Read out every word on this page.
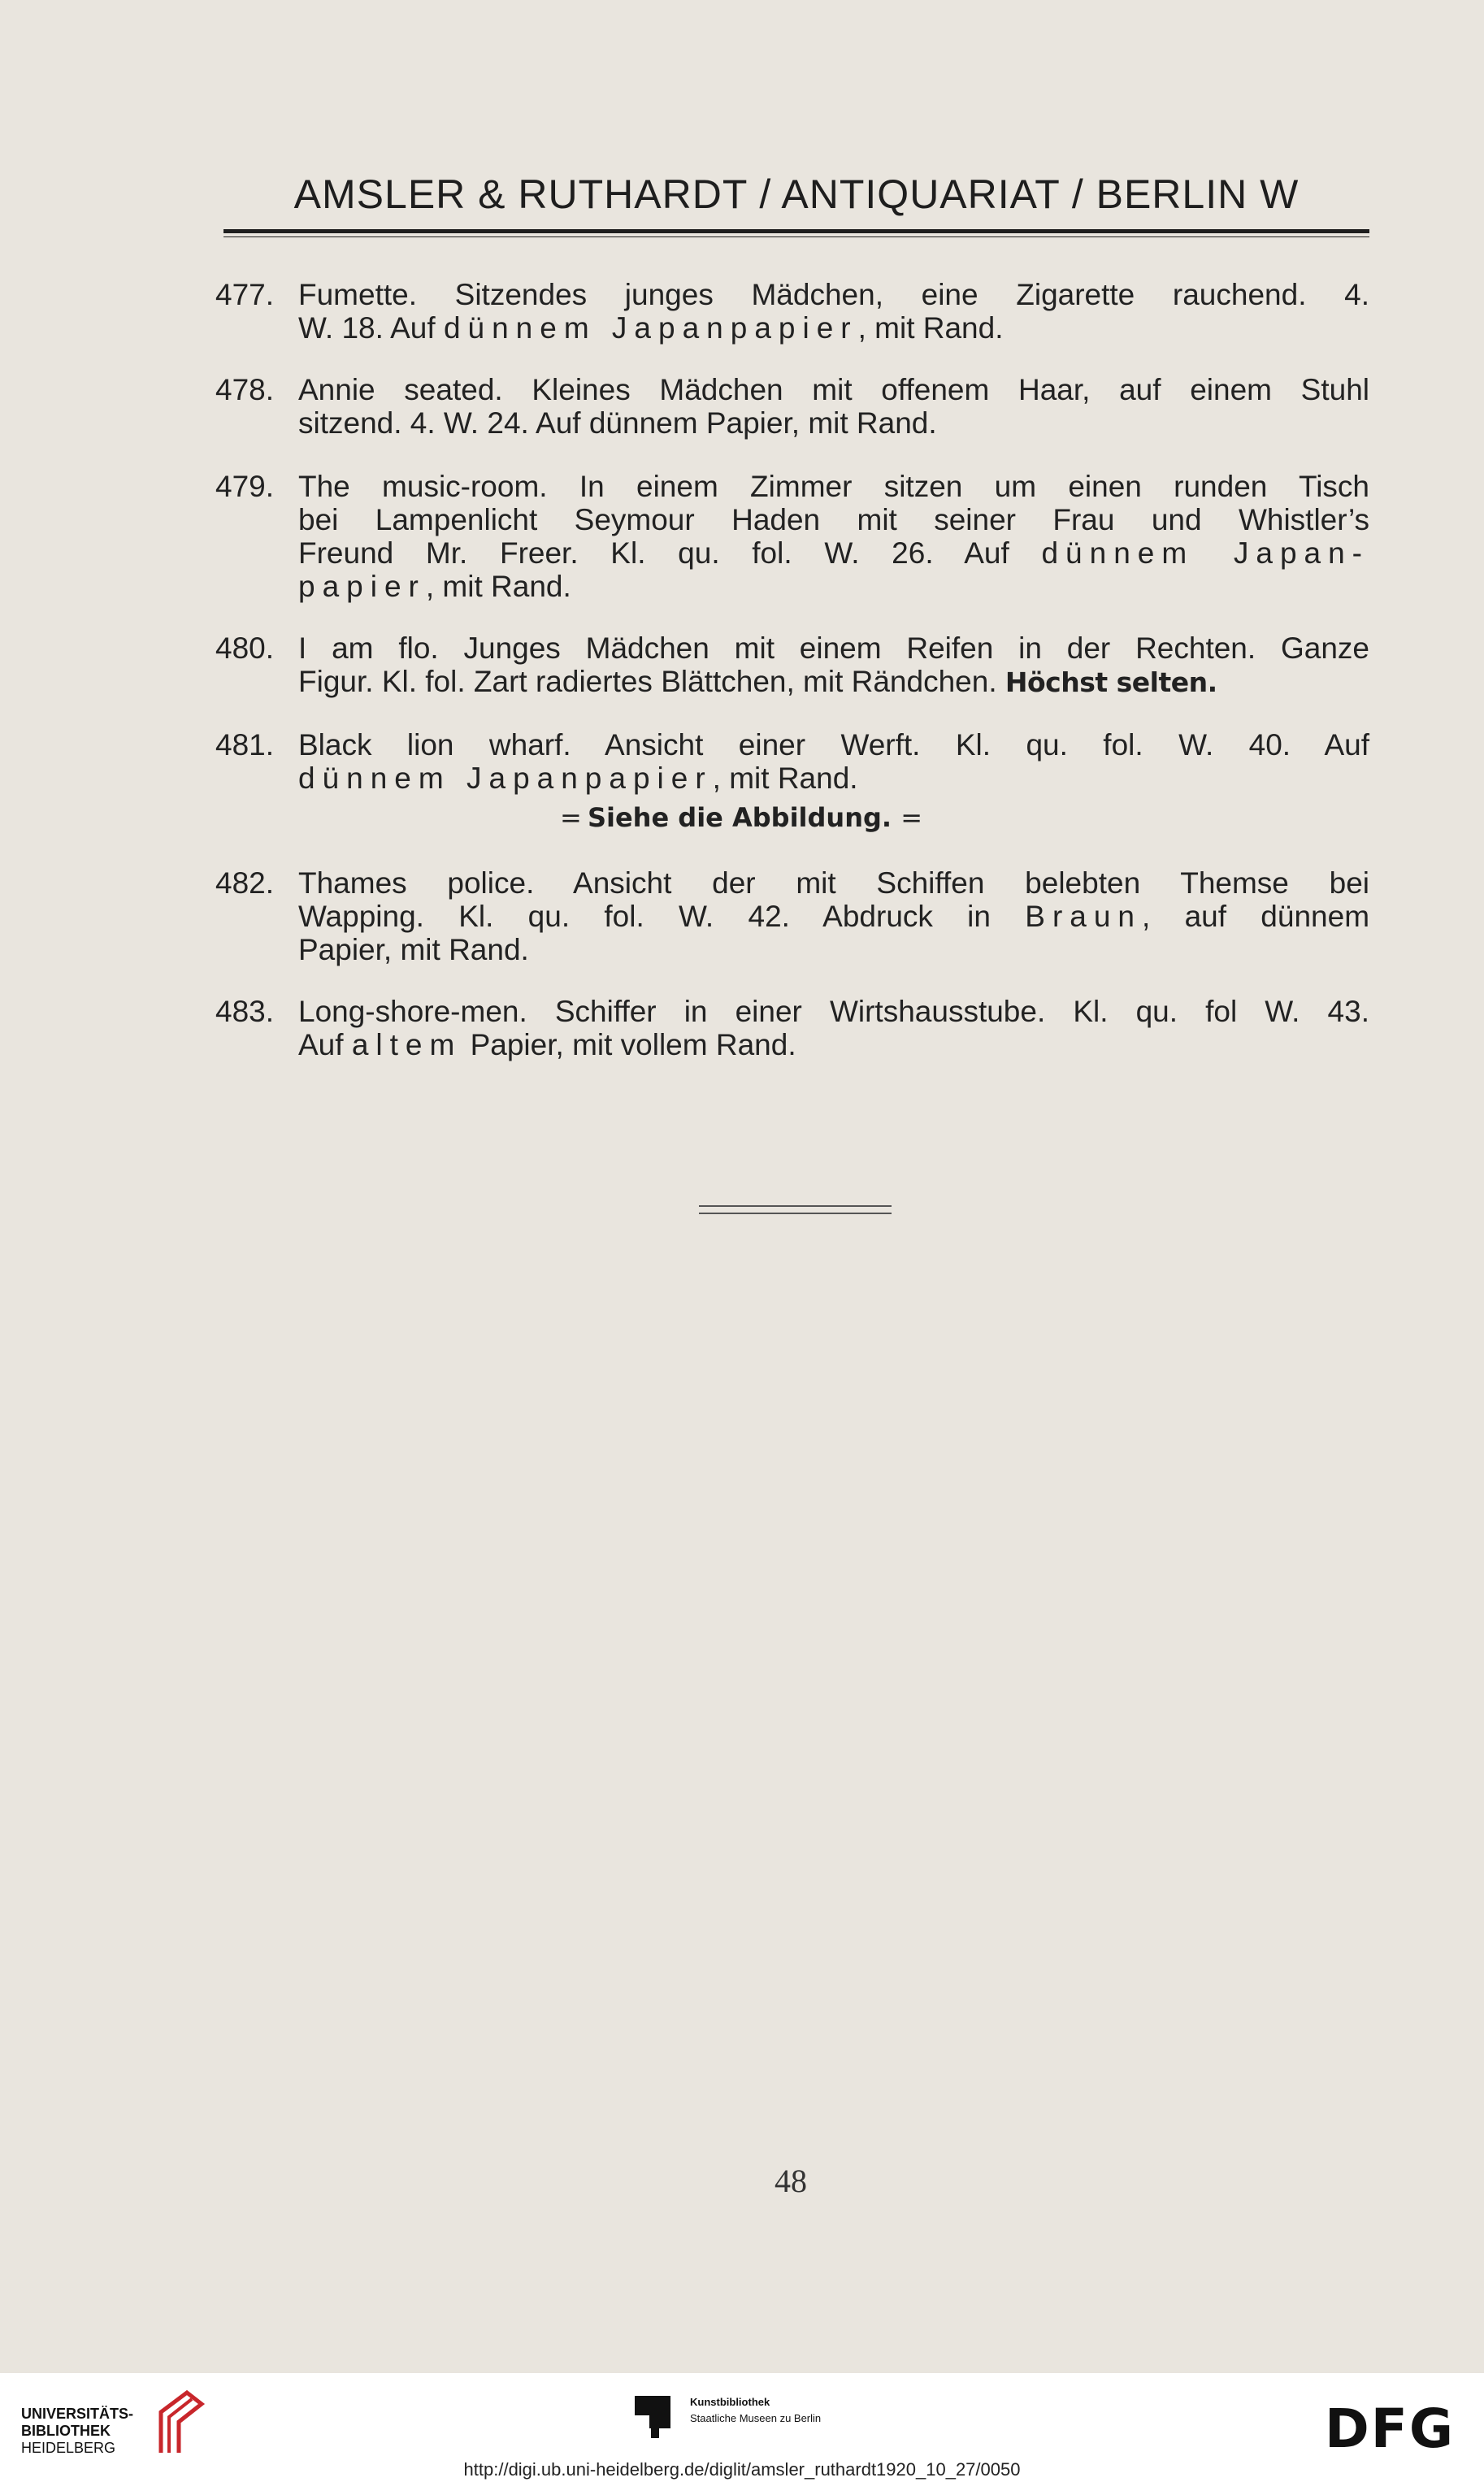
AMSLER & RUTHARDT / ANTIQUARIAT / BERLIN W
477. Fumette. Sitzendes junges Mädchen, eine Zigarette rauchend. 4.
W. 18. Auf dünnem Japanpapier, mit Rand.
478. Annie seated. Kleines Mädchen mit offenem Haar, auf einem Stuhl
sitzend. 4. W. 24. Auf dünnem Papier, mit Rand.
479. The music-room. In einem Zimmer sitzen um einen runden Tisch
bei Lampenlicht Seymour Haden mit seiner Frau und Whistler’s
Freund Mr. Freer. Kl. qu. fol. W. 26. Auf dünnem Japan-
papier, mit Rand.
480. I am flo. Junges Mädchen mit einem Reifen in der Rechten. Ganze
Figur. Kl. fol. Zart radiertes Blättchen, mit Rändchen. Höchst selten.
481. Black lion wharf. Ansicht einer Werft. Kl. qu. fol. W. 40. Auf
dünnem Japanpapier, mit Rand.
= Siehe die Abbildung. =
482. Thames police. Ansicht der mit Schiffen belebten Themse bei
Wapping. Kl. qu. fol. W. 42. Abdruck in Braun, auf dünnem
Papier, mit Rand.
483. Long-shore-men. Schiffer in einer Wirtshausstube. Kl. qu. fol W. 43.
Auf altem Papier, mit vollem Rand.
48
UNIVERSITÄTS-
BIBLIOTHEK
HEIDELBERG
Kunstbibliothek
Staatliche Museen zu Berlin	DFG
http://digi.ub.uni-heidelberg.de/diglit/amsler_ruthardt1920_10_27/0050
